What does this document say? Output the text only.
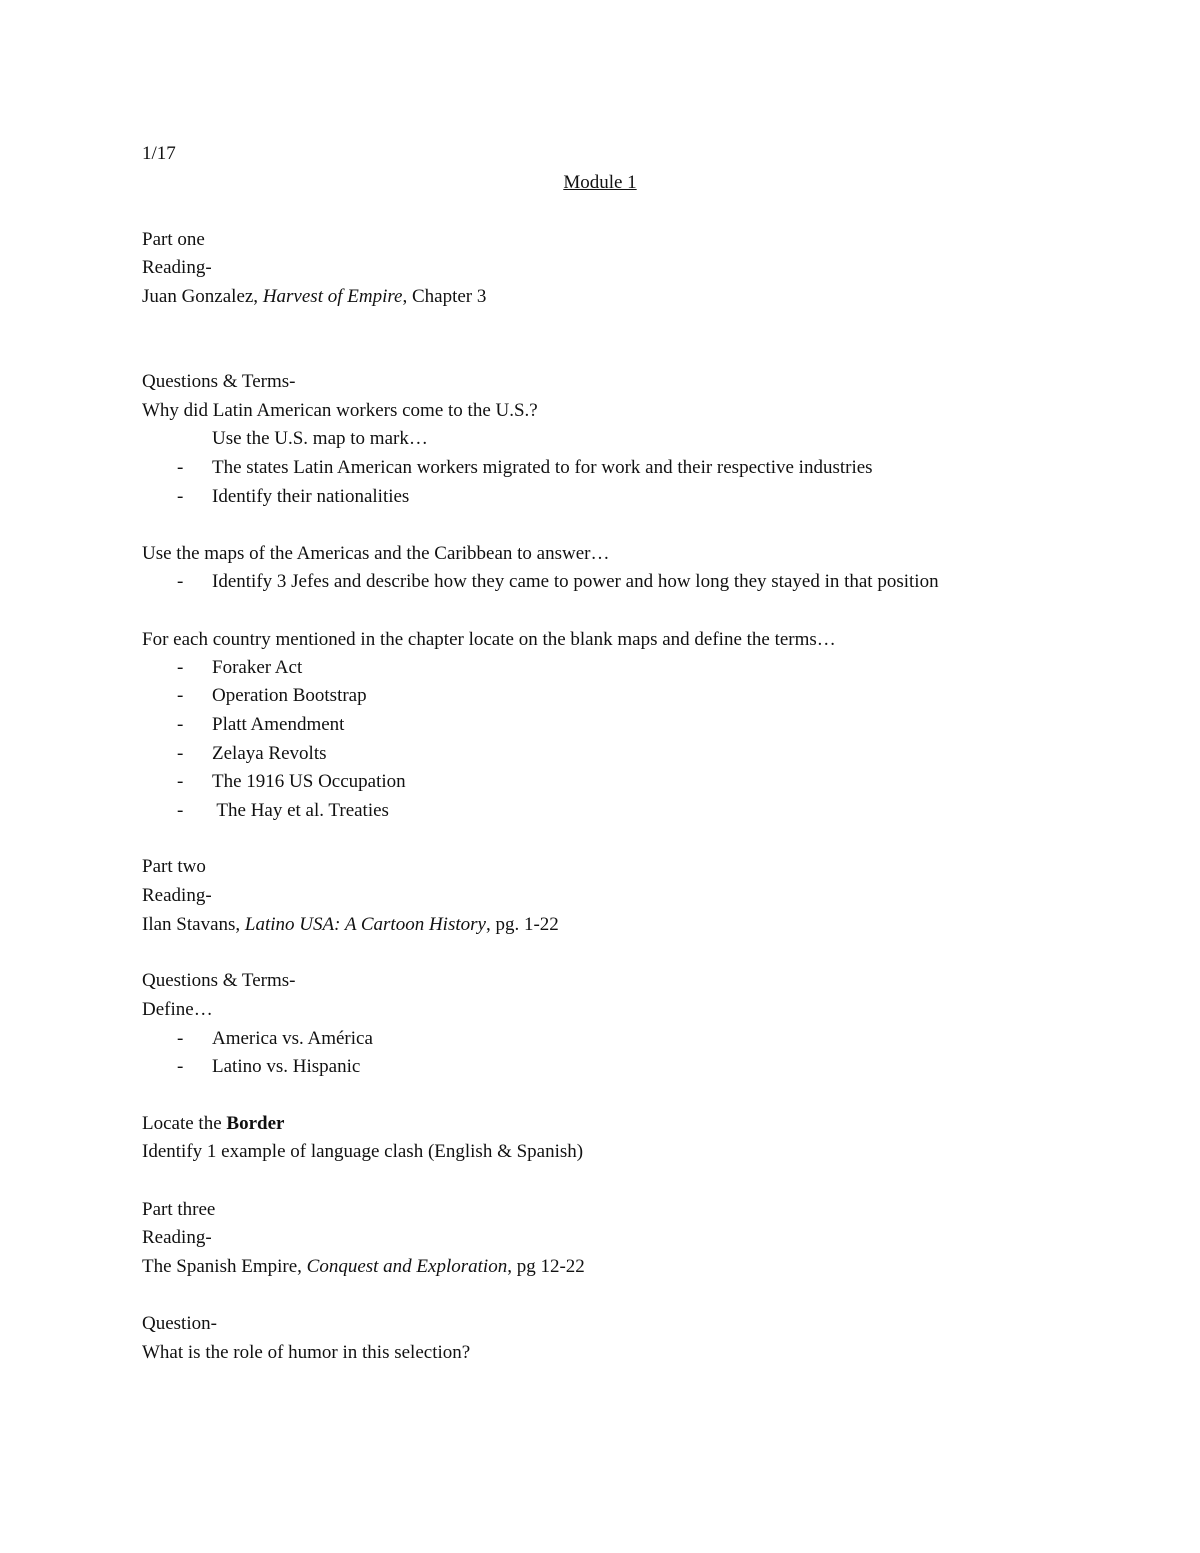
1/17
Module 1
Part one
Reading-
Juan Gonzalez, Harvest of Empire, Chapter 3
Questions & Terms-
Why did Latin American workers come to the U.S.?
Use the U.S. map to mark…
- The states Latin American workers migrated to for work and their respective industries
- Identify their nationalities
Use the maps of the Americas and the Caribbean to answer…
- Identify 3 Jefes and describe how they came to power and how long they stayed in that position
For each country mentioned in the chapter locate on the blank maps and define the terms…
- Foraker Act
- Operation Bootstrap
- Platt Amendment
- Zelaya Revolts
- The 1916 US Occupation
- The Hay et al. Treaties
Part two
Reading-
Ilan Stavans, Latino USA: A Cartoon History, pg. 1-22
Questions & Terms-
Define…
- America vs. América
- Latino vs. Hispanic
Locate the Border
Identify 1 example of language clash (English & Spanish)
Part three
Reading-
The Spanish Empire, Conquest and Exploration, pg 12-22
Question-
What is the role of humor in this selection?
